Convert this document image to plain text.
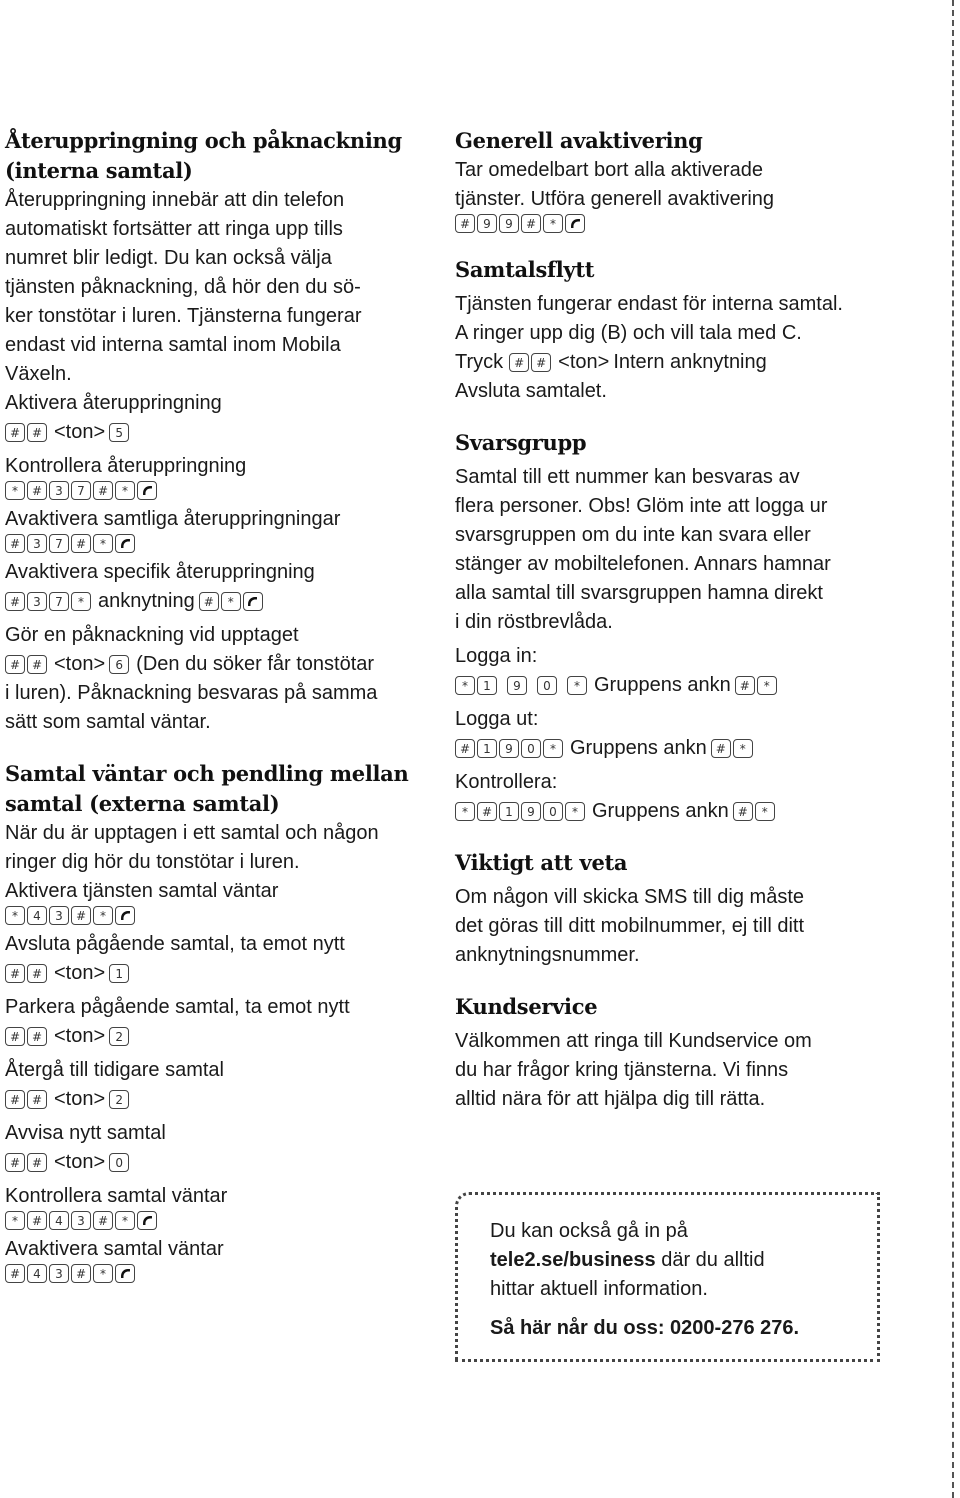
Återuppringning och påknackning
(interna samtal)
Återuppringning innebär att din telefon
automatiskt fortsätter att ringa upp tills
numret blir ledigt. Du kan också välja
tjänsten påknackning, då hör den du sö-
ker tonstötar i luren. Tjänsterna fungerar
endast vid interna samtal inom Mobila
Växeln.
Aktivera återuppringning
# # <ton> 5
Kontrollera återuppringning
*	#	3	7	#	*
Avaktivera samtliga återuppringningar
#	3	7	#	*
Avaktivera specifik återuppringning
#	3	7	* anknytning #	*
Gör en påknackning vid upptaget
# # <ton> 6 (Den du söker får tonstötar
i luren). Påknackning besvaras på samma
sätt som samtal väntar.
Samtal väntar och pendling mellan
samtal (externa samtal)
När du är upptagen i ett samtal och någon
ringer dig hör du tonstötar i luren.
Aktivera tjänsten samtal väntar
*	4	3	#	*
Avsluta pågående samtal, ta emot nytt
# # <ton> 1
Parkera pågående samtal, ta emot nytt
# # <ton> 2
Återgå till tidigare samtal
# # <ton> 2
Avvisa nytt samtal
# # <ton> 0
Kontrollera samtal väntar
*	#	4	3	#	*
Avaktivera samtal väntar
#	4	3	#	*
Generell avaktivering
Tar omedelbart bort alla aktiverade
tjänster. Utföra generell avaktivering
#	9	9	#	*
Samtalsflytt
Tjänsten fungerar endast för interna samtal.
A ringer upp dig (B) och vill tala med C.
Tryck # # <ton> Intern anknytning
Avsluta samtalet.
Svarsgrupp
Samtal till ett nummer kan besvaras av
flera personer. Obs! Glöm inte att logga ur
svarsgruppen om du inte kan svara eller
stänger av mobiltelefonen. Annars hamnar
alla samtal till svarsgruppen hamna direkt
i din röstbrevlåda.
Logga in:
*	1	9	0	* Gruppens ankn #	*
Logga ut:
#	1	9	0	* Gruppens ankn #	*
Kontrollera:
*	#	1	9	0	* Gruppens ankn #	*
Viktigt att veta
Om någon vill skicka SMS till dig måste
det göras till ditt mobilnummer, ej till ditt
anknytningsnummer.
Kundservice
Välkommen att ringa till Kundservice om
du har frågor kring tjänsterna. Vi finns
alltid nära för att hjälpa dig till rätta.
Du kan också gå in på
tele2.se/business där du alltid
hittar aktuell information.
Så här når du oss: 0200-276 276.
